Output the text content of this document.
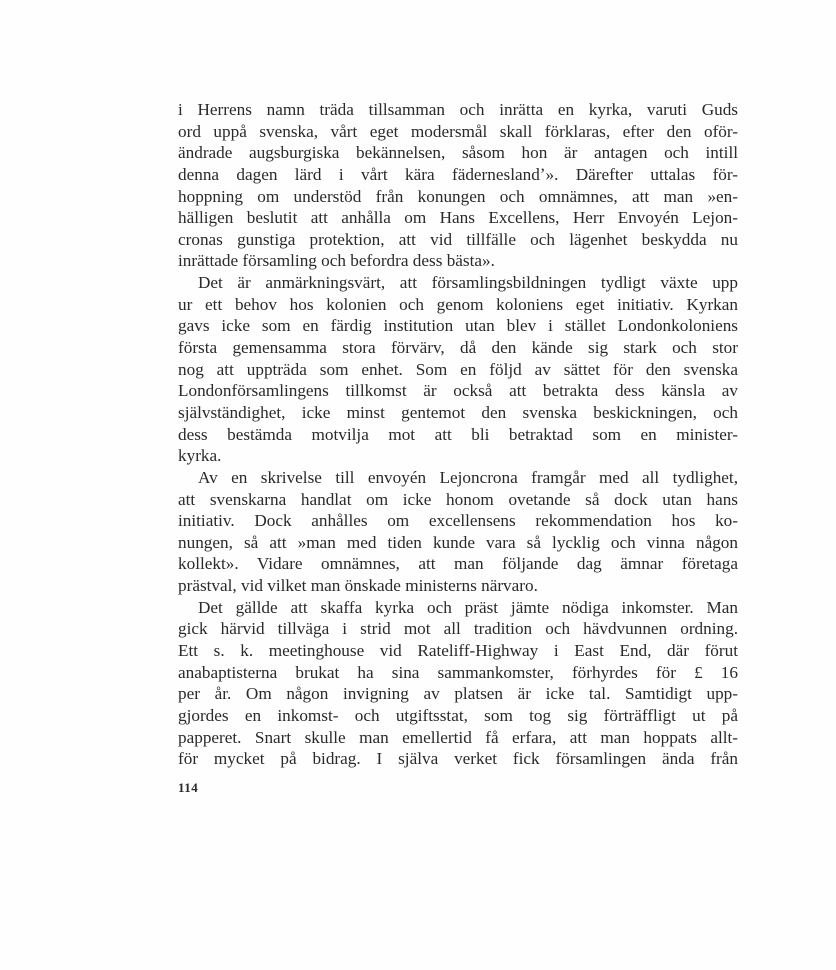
i Herrens namn träda tillsamman och inrätta en kyrka, varuti Guds
ord uppå svenska, vårt eget modersmål skall förklaras, efter den oför-
ändrade augsburgiska bekännelsen, såsom hon är antagen och intill
denna dagen lärd i vårt kära fäderneslandʼ». Därefter uttalas för-
hoppning om understöd från konungen och omnämnes, att man »en-
hälligen beslutit att anhålla om Hans Excellens, Herr Envoyén Lejon-
cronas gunstiga protektion, att vid tillfälle och lägenhet beskydda nu
inrättade församling och befordra dess bästa».
Det är anmärkningsvärt, att församlingsbildningen tydligt växte upp
ur ett behov hos kolonien och genom koloniens eget initiativ. Kyrkan
gavs icke som en färdig institution utan blev i stället Londonkoloniens
första gemensamma stora förvärv, då den kände sig stark och stor
nog att uppträda som enhet. Som en följd av sättet för den svenska
Londonförsamlingens tillkomst är också att betrakta dess känsla av
självständighet, icke minst gentemot den svenska beskickningen, och
dess bestämda motvilja mot att bli betraktad som en minister-
kyrka.
Av en skrivelse till envoyén Lejoncrona framgår med all tydlighet,
att svenskarna handlat om icke honom ovetande så dock utan hans
initiativ. Dock anhålles om excellensens rekommendation hos ko-
nungen, så att »man med tiden kunde vara så lycklig och vinna någon
kollekt». Vidare omnämnes, att man följande dag ämnar företaga
prästval, vid vilket man önskade ministerns närvaro.
Det gällde att skaffa kyrka och präst jämte nödiga inkomster. Man
gick härvid tillväga i strid mot all tradition och hävdvunnen ordning.
Ett s. k. meetinghouse vid Rateliff-Highway i East End, där förut
anabaptisterna brukat ha sina sammankomster, förhyrdes för £ 16
per år. Om någon invigning av platsen är icke tal. Samtidigt upp-
gjordes en inkomst- och utgiftsstat, som tog sig förträffligt ut på
papperet. Snart skulle man emellertid få erfara, att man hoppats allt-
för mycket på bidrag. I själva verket fick församlingen ända från
114
